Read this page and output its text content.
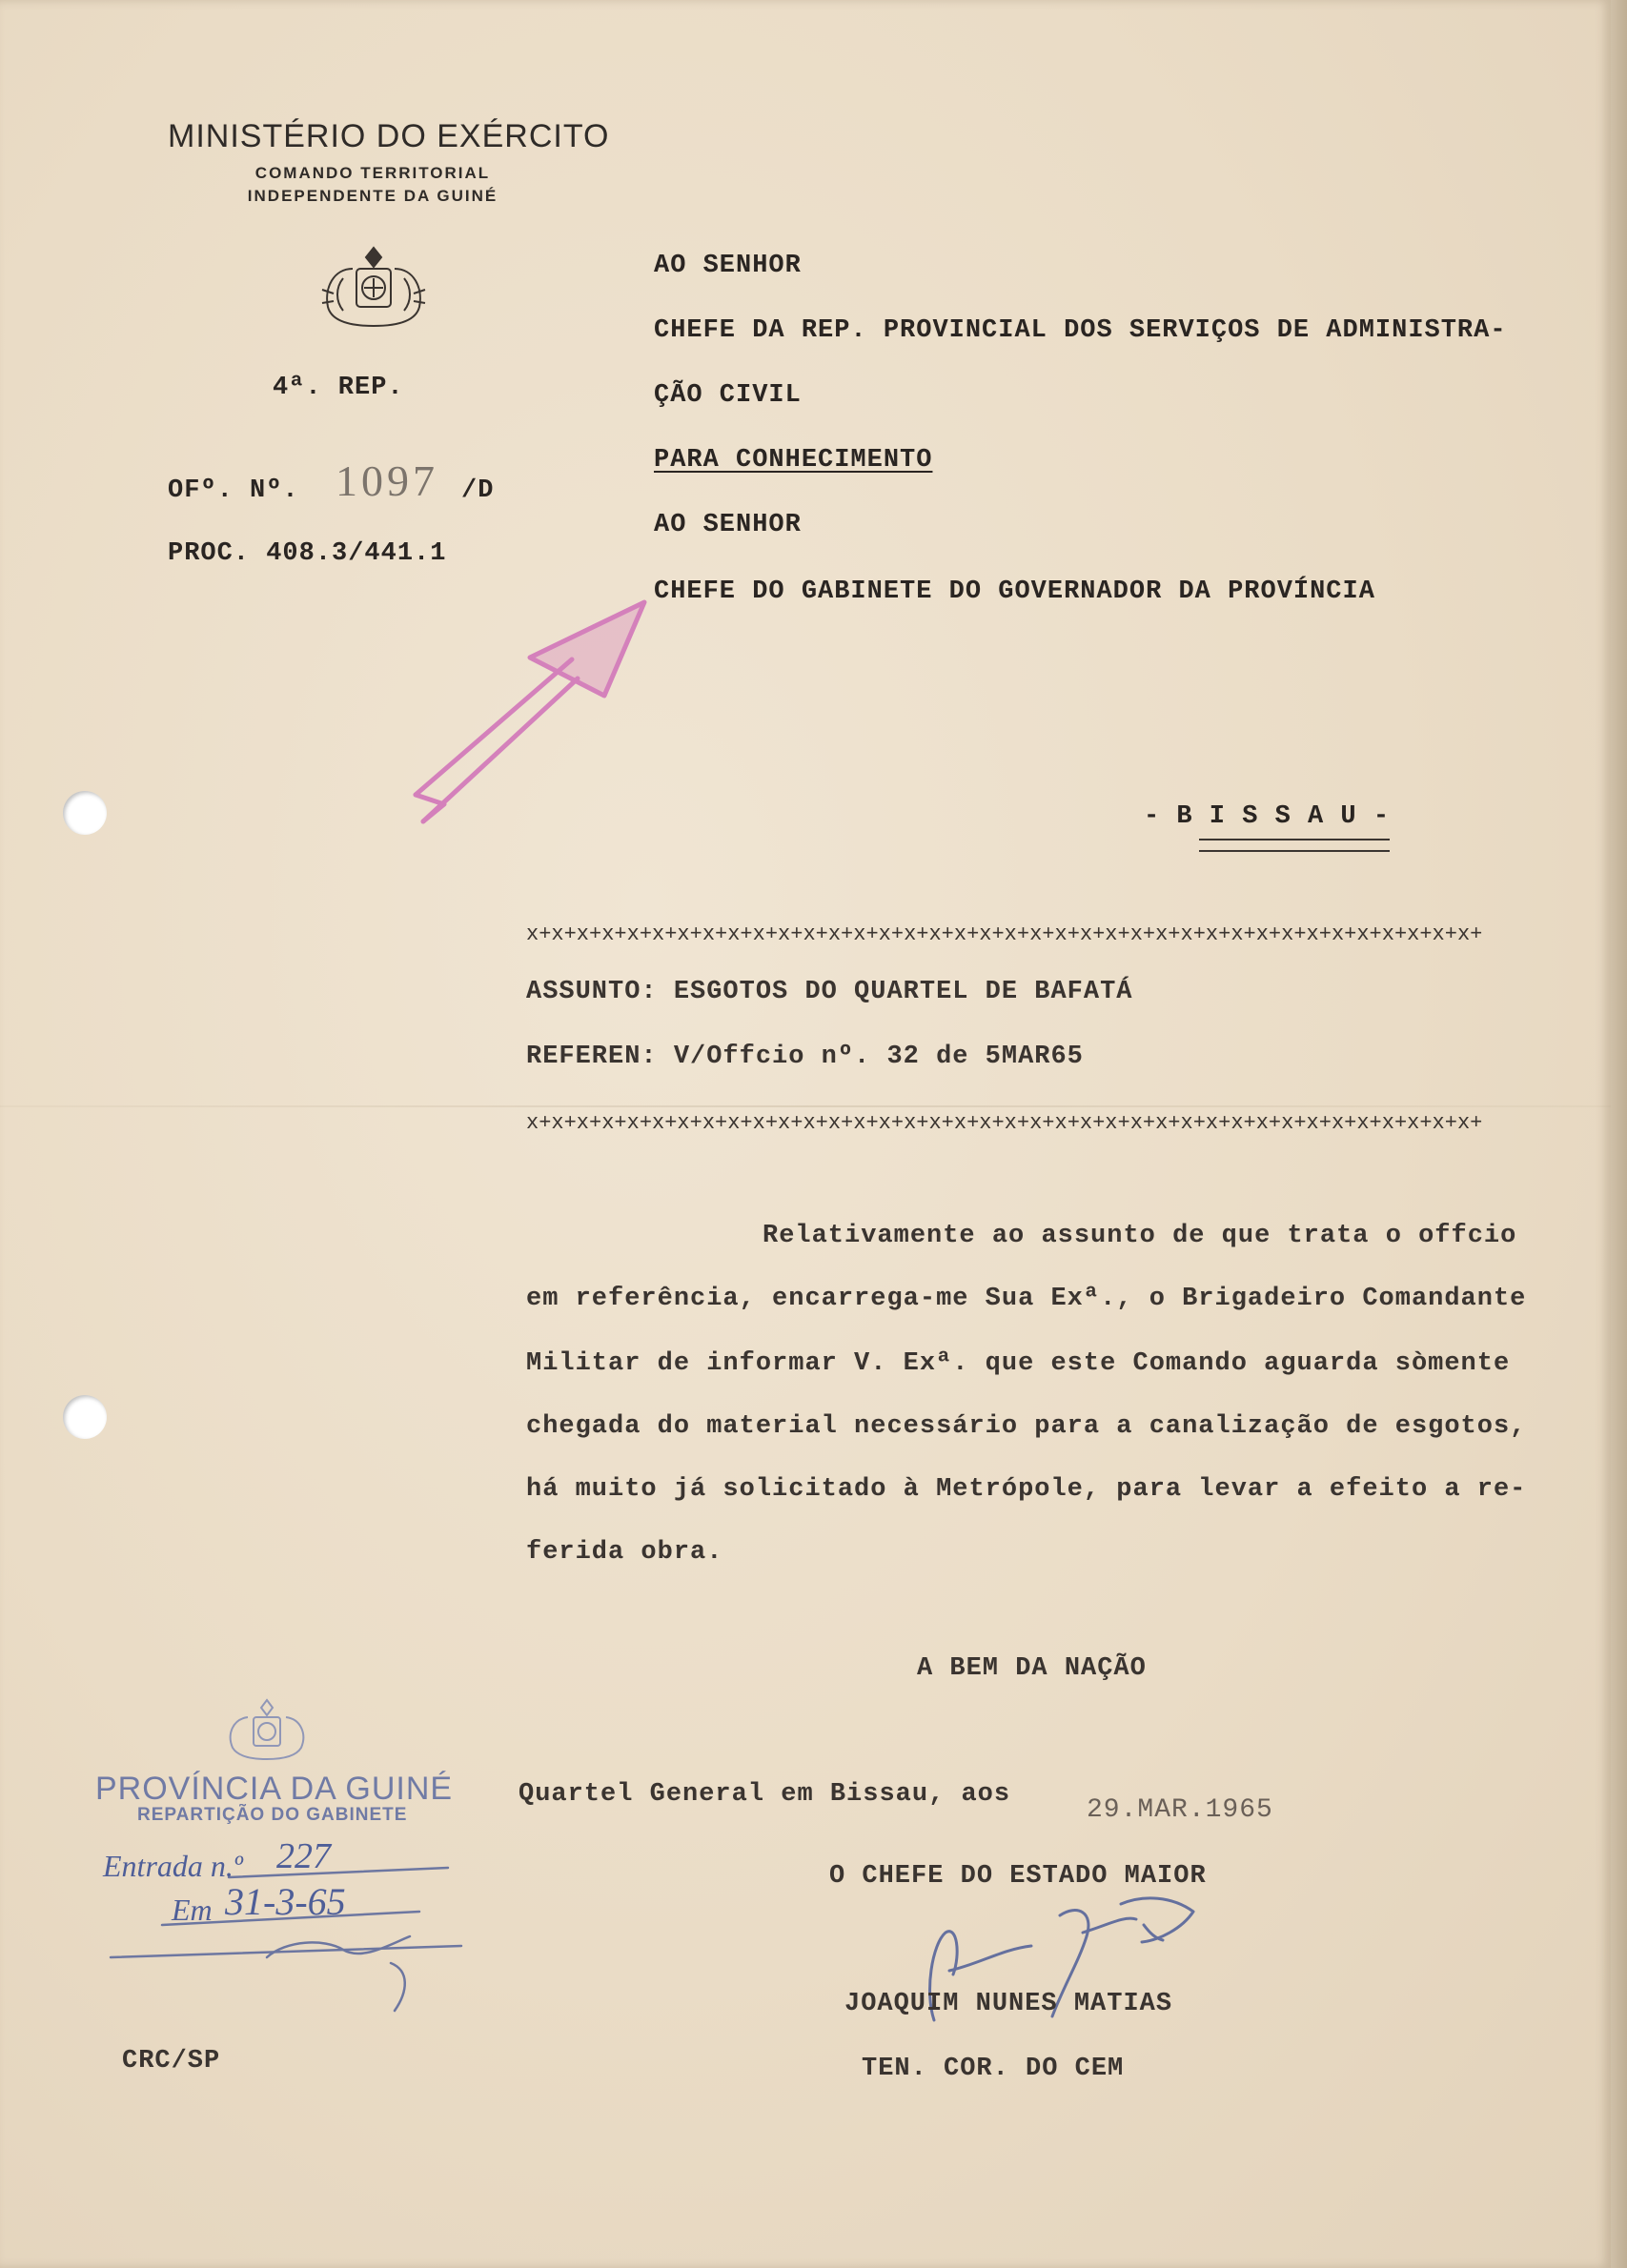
MINISTÉRIO DO EXÉRCITO
COMANDO TERRITORIAL
INDEPENDENTE DA GUINÉ
4ª. REP.
OFº. Nº. 1097 /D
PROC. 408.3/441.1
AO SENHOR
CHEFE DA REP. PROVINCIAL DOS SERVIÇOS DE ADMINISTRA-
ÇÃO CIVIL
PARA CONHECIMENTO
AO SENHOR
CHEFE DO GABINETE DO GOVERNADOR DA PROVÍNCIA
- B I S S A U -
x+x+x+x+x+x+x+x+x+x+x+x+x+x+x+x+x+x+x+x+x+x+x+x+x+x+x+x+x+x+x+x+x+x+x+x+x+x+
ASSUNTO: ESGOTOS DO QUARTEL DE BAFATÁ
REFEREN: V/Offcio nº. 32 de 5MAR65
x+x+x+x+x+x+x+x+x+x+x+x+x+x+x+x+x+x+x+x+x+x+x+x+x+x+x+x+x+x+x+x+x+x+x+x+x+x+
Relativamente ao assunto de que trata o offcio
em referência, encarrega-me Sua Exª., o Brigadeiro Comandante
Militar de informar V. Exª. que este Comando aguarda sòmente
chegada do material necessário para a canalização de esgotos,
há muito já solicitado à Metrópole, para levar a efeito a re-
ferida obra.
A BEM DA NAÇÃO
Quartel General em Bissau, aos
29.MAR.1965
O CHEFE DO ESTADO MAIOR
JOAQUIM NUNES MATIAS
TEN. COR. DO CEM
PROVÍNCIA DA GUINÉ
REPARTIÇÃO DO GABINETE
Entrada n.º 227
Em 31-3-65
CRC/SP
